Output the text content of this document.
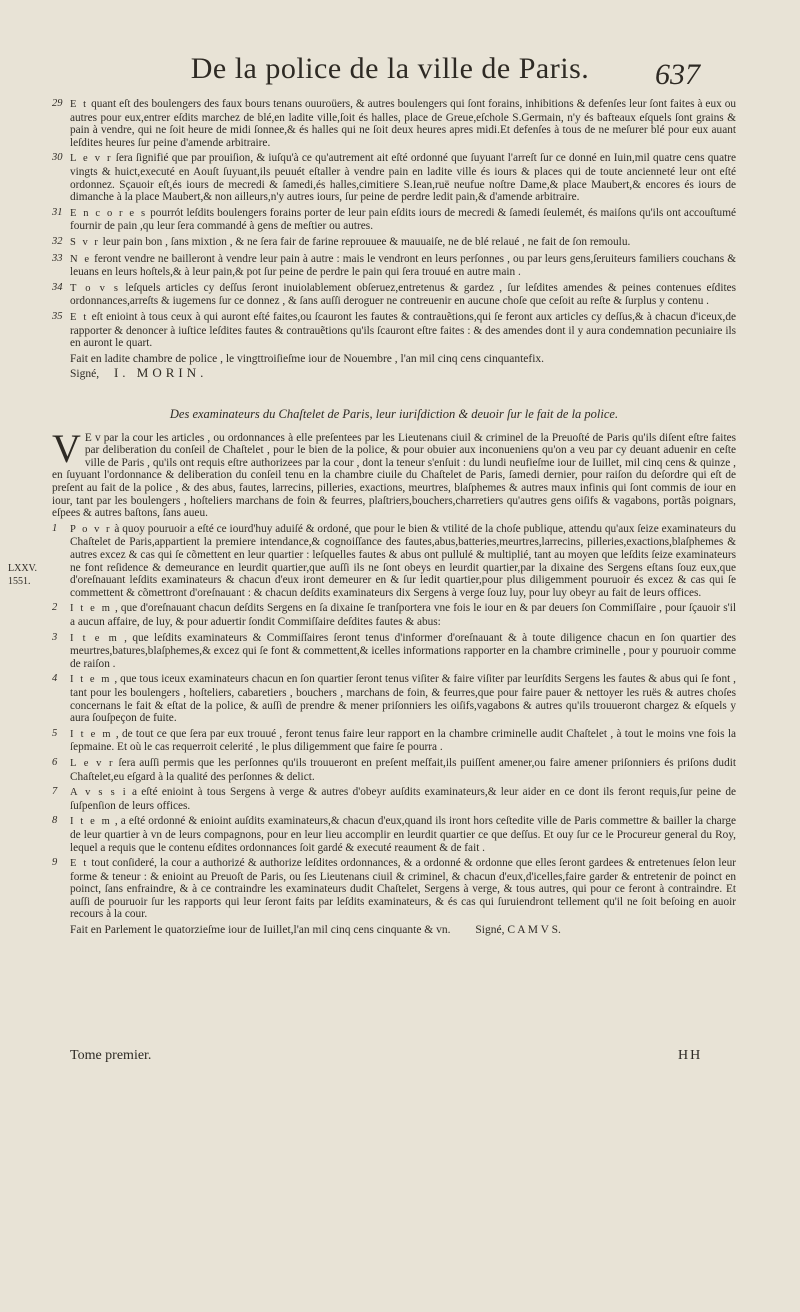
De la police de la ville de Paris.	637
29 E t quant eſt des boulengers des faux bours tenans ouuroüers, & autres boulengers qui ſont forains, inhibitions & defenſes leur ſont faites à eux ou autres pour eux,entrer eſdits marchez de blé,en ladite ville,ſoit és halles, place de Greue,eſchole S.Germain, n'y és bafteaux eſquels ſont grains & pain à vendre, qui ne ſoit heure de midi ſonnee,& és halles qui ne ſoit deux heures apres midi.Et defenſes à tous de ne meſurer blé pour eux auant leſdites heures ſur peine d'amende arbitraire.
30 L e v r ſera ſignifié que par prouiſion, & iuſqu'à ce qu'autrement ait eſté ordonné que ſuyuant l'arreſt ſur ce donné en Iuin,mil quatre cens quatre vingts & huict,executé en Aouſt ſuyuant,ils peuuét eſtaller à vendre pain en ladite ville és iours & places qui de toute ancienneté leur ont eſté ordonnez. Sçauoir eſt,és iours de mecredi & ſamedi,és halles,cimitiere S.Iean,ruë neufue noſtre Dame,& place Maubert,& encores és iours de dimanche à la place Maubert,& non ailleurs,n'y autres iours, ſur peine de perdre ledit pain,& d'amende arbitraire.
31 E n c o r e s pourrót leſdits boulengers forains porter de leur pain eſdits iours de mecredi & ſamedi ſeulemét, és maiſons qu'ils ont accouſtumé fournir de pain ,qu leur ſera commandé à gens de meſtier ou autres.
32 S v r leur pain bon , ſans mixtion , & ne ſera fair de farine reprouuee & mauuaiſe, ne de blé relaué , ne fait de ſon remoulu.
33 N e feront vendre ne bailleront à vendre leur pain à autre : mais le vendront en leurs perſonnes , ou par leurs gens,ſeruiteurs familiers couchans & leuans en leurs hoſtels,& à leur pain,& pot ſur peine de perdre le pain qui ſera trouué en autre main .
34 T o v s leſquels articles cy deſſus ſeront inuiolablement obſeruez,entretenus & gardez , ſur leſdites amendes & peines contenues eſdites ordonnances,arreſts & iugemens ſur ce donnez , & ſans auſſi deroguer ne contreuenir en aucune choſe que ceſoit au reſte & ſurplus y contenu .
35 E t eſt enioint à tous ceux à qui auront eſté faites,ou ſcauront les fautes & contrauẽtions,qui ſe feront aux articles cy deſſus,& à chacun d'iceux,de rapporter & denoncer à iuſtice leſdites fautes & contrauẽtions qu'ils ſcauront eſtre faites : & des amendes dont il y aura condemnation pecuniaire ils en auront le quart.
Fait en ladite chambre de police , le vingttroiſieſme iour de Nouembre , l'an mil cinq cens cinquantefix.
Signé, I. MORIN.
Des examinateurs du Chaſtelet de Paris, leur iuriſdiction & deuoir ſur le fait de la police.
V E v par la cour les articles , ou ordonnances à elle preſentees par les Lieutenans ciuil & criminel de la Preuoſté de Paris qu'ils diſent eſtre faites par deliberation du conſeil de Chaſtelet , pour le bien de la police, & pour obuier aux inconueniens qu'on a veu par cy deuant aduenir en ceſte ville de Paris , qu'ils ont requis eſtre authorizees par la cour , dont la teneur s'enſuit : du lundi neufieſme iour de Iuillet, mil cinq cens & quinze , en ſuyuant l'ordonnance & deliberation du conſeil tenu en la chambre ciuile du Chaſtelet de Paris, ſamedi dernier, pour raiſon du deſordre qui eſt de preſent au fait de la police , & des abus, fautes, larrecins, pilleries, exactions, meurtres, blaſphemes & autres maux infinis qui ſont commis de iour en iour, tant par les boulengers , hoſteliers marchans de foin & feurres, plaſtriers,bouchers,charretiers qu'autres gens oiſifs & vagabons, portãs poignars, eſpees & autres baſtons, ſans aueu.
1 P o v r à quoy pouruoir a eſté ce iourd'huy aduiſé & ordoné, que pour le bien & vtilité de la choſe publique, attendu qu'aux ſeize examinateurs du Chaſtelet de Paris,appartient la premiere intendance,& cognoiſſance des fautes,abus,batteries,meurtres,larrecins, pilleries,exactions,blaſphemes & autres excez & cas qui ſe cõmettent en leur quartier : leſquelles fautes & abus ont pullulé & multiplié, tant au moyen que leſdits ſeize examinateurs ne font reſidence & demeurance en leurdit quartier,que auſſi ils ne ſont obeys en leurdit quartier,par la dixaine des Sergens eſtans ſouz eux,que d'oreſnauant leſdits examinateurs & chacun d'eux iront demeurer en & ſur ledit quartier,pour plus diligemment pouruoir és excez & cas qui ſe commettent & cõmettront d'oreſnauant : & chacun deſdits examinateurs dix Sergens à verge ſouz luy, pour luy obeyr au fait de leurs offices.
2 I t e m , que d'oreſnauant chacun deſdits Sergens en ſa dixaine ſe tranſportera vne fois le iour en & par deuers ſon Commiſſaire , pour ſçauoir s'il a aucun affaire, de luy, & pour aduertir ſondit Commiſſaire deſdites fautes & abus:
3 I t e m , que leſdits examinateurs & Commiſſaires ſeront tenus d'informer d'oreſnauant & à toute diligence chacun en ſon quartier des meurtres,batures,blaſphemes,& excez qui ſe font & commettent,& icelles informations rapporter en la chambre criminelle , pour y pouruoir comme de raiſon .
4 I t e m , que tous iceux examinateurs chacun en ſon quartier ſeront tenus viſiter & faire viſiter par leurſdits Sergens les fautes & abus qui ſe font , tant pour les boulengers , hoſteliers, cabaretiers , bouchers , marchans de foin, & feurres,que pour faire pauer & nettoyer les ruës & autres choſes concernans le fait & eſtat de la police, & auſſi de prendre & mener priſonniers les oiſifs,vagabons & autres qu'ils trouueront chargez & eſquels y aura ſouſpeçon de fuite.
5 I t e m , de tout ce que ſera par eux trouué , feront tenus faire leur rapport en la chambre criminelle audit Chaſtelet , à tout le moins vne fois la ſepmaine. Et où le cas requerroit celerité , le plus diligemment que faire ſe pourra .
6 L e v r ſera auſſi permis que les perſonnes qu'ils trouueront en preſent meſfait,ils puiſſent amener,ou faire amener priſonniers és priſons dudit Chaſtelet,eu eſgard à la qualité des perſonnes & delict.
7 A v s s i a eſté enioint à tous Sergens à verge & autres d'obeyr auſdits examinateurs,& leur aider en ce dont ils feront requis,ſur peine de ſuſpenſion de leurs offices.
8 I t e m , a eſté ordonné & enioint auſdits examinateurs,& chacun d'eux,quand ils iront hors ceſtedite ville de Paris commettre & bailler la charge de leur quartier à vn de leurs compagnons, pour en leur lieu accomplir en leurdit quartier ce que deſſus. Et ouy ſur ce le Procureur general du Roy, lequel a requis que le contenu eſdites ordonnances ſoit gardé & executé reaument & de fait .
9 E t tout conſideré, la cour a authorizé & authorize leſdites ordonnances, & a ordonné & ordonne que elles ſeront gardees & entretenues ſelon leur forme & teneur : & enioint au Preuoſt de Paris, ou ſes Lieutenans ciuil & criminel, & chacun d'eux,d'icelles,faire garder & entretenir de poinct en poinct, ſans enfraindre, & à ce contraindre les examinateurs dudit Chaſtelet, Sergens à verge, & tous autres, qui pour ce feront à contraindre. Et auſſi de pouruoir ſur les rapports qui leur ſeront faits par leſdits examinateurs, & és cas qui ſuruiendront tellement qu'il ne ſoit beſoing en auoir recours à la cour.
Fait en Parlement le quatorzieſme iour de Iuillet,l'an mil cinq cens cinquante & vn. Signé, C A M V S.
LXXV.
1551.
Tome premier.	HH
